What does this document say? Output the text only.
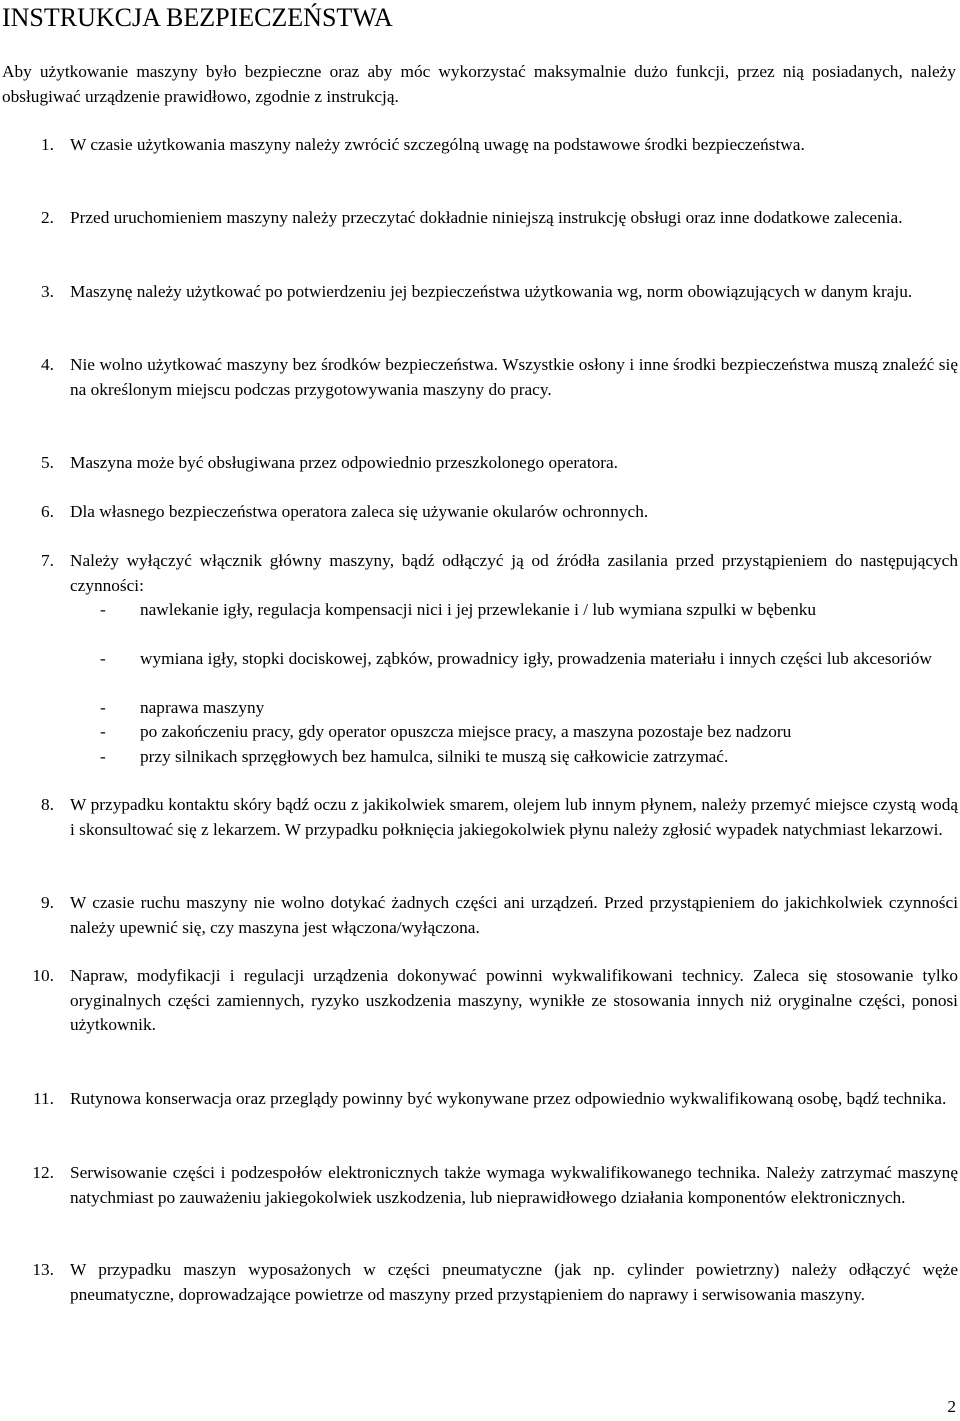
INSTRUKCJA BEZPIECZEŃSTWA

Aby użytkowanie maszyny było bezpieczne oraz aby móc wykorzystać maksymalnie dużo funkcji, przez nią posiadanych, należy obsługiwać urządzenie prawidłowo, zgodnie z instrukcją.

1. W czasie użytkowania maszyny należy zwrócić szczególną uwagę na podstawowe środki bezpieczeństwa.

2. Przed uruchomieniem maszyny należy przeczytać dokładnie niniejszą instrukcję obsługi oraz inne dodatkowe zalecenia.

3. Maszynę należy użytkować po potwierdzeniu jej bezpieczeństwa użytkowania wg, norm obowiązujących w danym kraju.

4. Nie wolno użytkować maszyny bez środków bezpieczeństwa. Wszystkie osłony i inne środki bezpieczeństwa muszą znaleźć się na określonym miejscu podczas przygotowywania maszyny do pracy.

5. Maszyna może być obsługiwana przez odpowiednio przeszkolonego operatora.

6. Dla własnego bezpieczeństwa operatora zaleca się używanie okularów ochronnych.

7. Należy wyłączyć włącznik główny maszyny, bądź odłączyć ją od źródła zasilania przed przystąpieniem do następujących czynności:

- nawlekanie igły, regulacja kompensacji nici i jej przewlekanie i / lub wymiana szpulki w bębenku
- wymiana igły, stopki dociskowej, ząbków, prowadnicy igły, prowadzenia materiału i innych części lub akcesoriów
- naprawa maszyny
- po zakończeniu pracy, gdy operator opuszcza miejsce pracy, a maszyna pozostaje bez nadzoru
- przy silnikach sprzęgłowych bez hamulca, silniki te muszą się całkowicie zatrzymać.
8. W przypadku kontaktu skóry bądź oczu z jakikolwiek smarem, olejem lub innym płynem, należy przemyć miejsce czystą wodą i skonsultować się z lekarzem. W przypadku połknięcia jakiegokolwiek płynu należy zgłosić wypadek natychmiast lekarzowi.

9. W czasie ruchu maszyny nie wolno dotykać żadnych części ani urządzeń. Przed przystąpieniem do jakichkolwiek czynności należy upewnić się, czy maszyna jest włączona/wyłączona.

10. Napraw, modyfikacji i regulacji urządzenia dokonywać powinni wykwalifikowani technicy. Zaleca się stosowanie tylko oryginalnych części zamiennych, ryzyko uszkodzenia maszyny, wynikłe ze stosowania innych niż oryginalne części, ponosi użytkownik.

11. Rutynowa konserwacja oraz przeglądy powinny być wykonywane przez odpowiednio wykwalifikowaną osobę, bądź technika.

12. Serwisowanie części i podzespołów elektronicznych także wymaga wykwalifikowanego technika. Należy zatrzymać maszynę natychmiast po zauważeniu jakiegokolwiek uszkodzenia, lub nieprawidłowego działania komponentów elektronicznych.

13. W przypadku maszyn wyposażonych w części pneumatyczne (jak np. cylinder powietrzny) należy odłączyć węże pneumatyczne, doprowadzające powietrze od maszyny przed przystąpieniem do naprawy i serwisowania maszyny.

2
